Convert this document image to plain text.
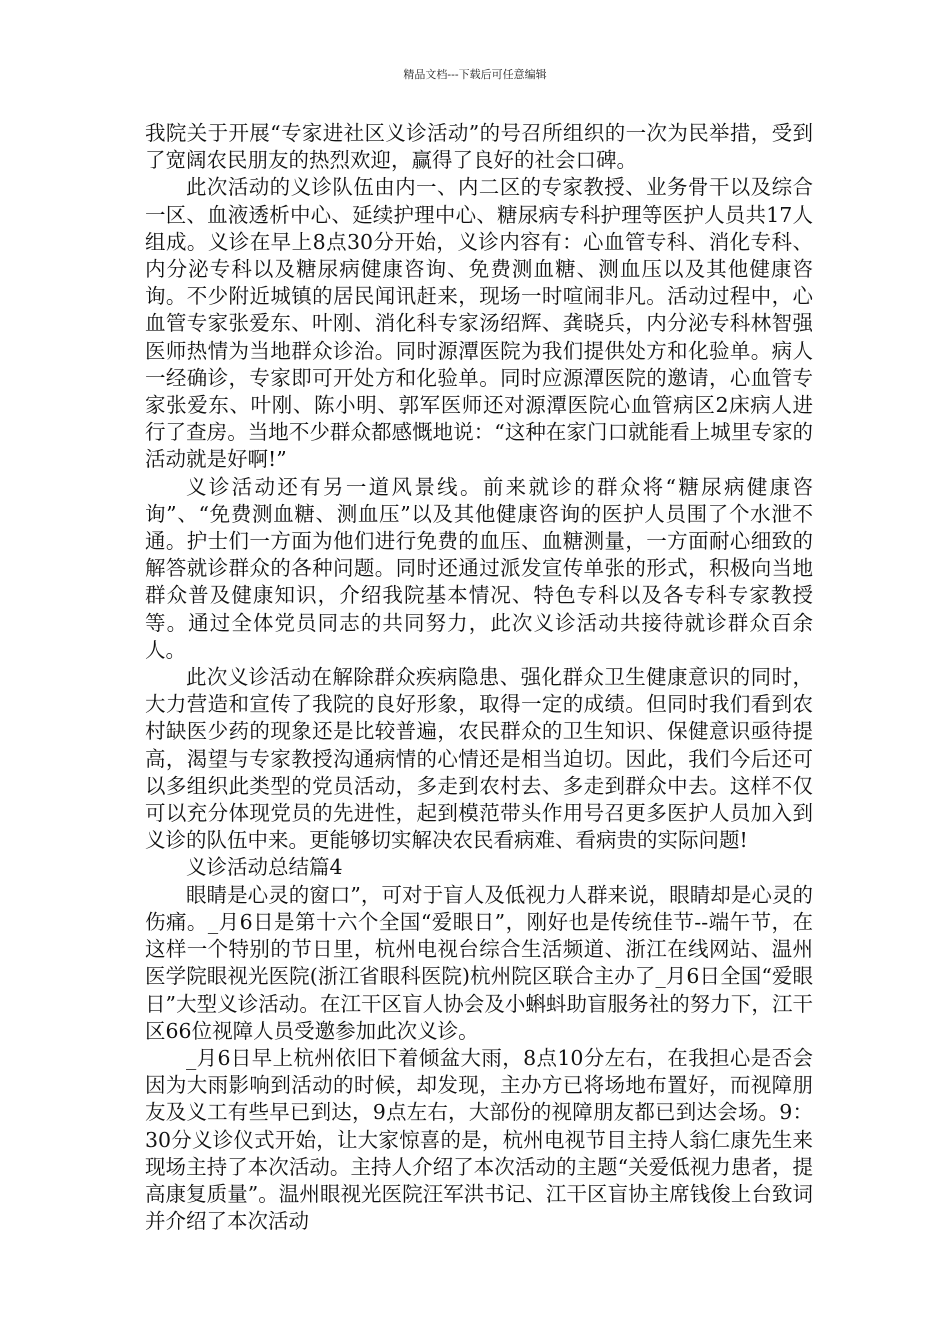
精品文档---下载后可任意编辑

我院关于开展“专家进社区义诊活动”的号召所组织的一次为民举措，受到了宽阔农民朋友的热烈欢迎，赢得了良好的社会口碑。

此次活动的义诊队伍由内一、内二区的专家教授、业务骨干以及综合一区、血液透析中心、延续护理中心、糖尿病专科护理等医护人员共17人组成。义诊在早上8点30分开始，义诊内容有：心血管专科、消化专科、内分泌专科以及糖尿病健康咨询、免费测血糖、测血压以及其他健康咨询。不少附近城镇的居民闻讯赶来，现场一时喧闹非凡。活动过程中，心血管专家张爱东、叶刚、消化科专家汤绍辉、龚晓兵，内分泌专科林智强医师热情为当地群众诊治。同时源潭医院为我们提供处方和化验单。病人一经确诊，专家即可开处方和化验单。同时应源潭医院的邀请，心血管专家张爱东、叶刚、陈小明、郭军医师还对源潭医院心血管病区2床病人进行了查房。当地不少群众都感慨地说：“这种在家门口就能看上城里专家的活动就是好啊!”

义诊活动还有另一道风景线。前来就诊的群众将“糖尿病健康咨询”、“免费测血糖、测血压”以及其他健康咨询的医护人员围了个水泄不通。护士们一方面为他们进行免费的血压、血糖测量，一方面耐心细致的解答就诊群众的各种问题。同时还通过派发宣传单张的形式，积极向当地群众普及健康知识，介绍我院基本情况、特色专科以及各专科专家教授等。通过全体党员同志的共同努力，此次义诊活动共接待就诊群众百余人。

此次义诊活动在解除群众疾病隐患、强化群众卫生健康意识的同时，大力营造和宣传了我院的良好形象，取得一定的成绩。但同时我们看到农村缺医少药的现象还是比较普遍，农民群众的卫生知识、保健意识亟待提高，渴望与专家教授沟通病情的心情还是相当迫切。因此，我们今后还可以多组织此类型的党员活动，多走到农村去、多走到群众中去。这样不仅可以充分体现党员的先进性，起到模范带头作用号召更多医护人员加入到义诊的队伍中来。更能够切实解决农民看病难、看病贵的实际问题!

义诊活动总结篇4

眼睛是心灵的窗口”，可对于盲人及低视力人群来说，眼睛却是心灵的伤痛。_月6日是第十六个全国“爱眼日”，刚好也是传统佳节--端午节，在这样一个特别的节日里，杭州电视台综合生活频道、浙江在线网站、温州医学院眼视光医院(浙江省眼科医院)杭州院区联合主办了_月6日全国“爱眼日”大型义诊活动。在江干区盲人协会及小蝌蚪助盲服务社的努力下，江干区66位视障人员受邀参加此次义诊。

_月6日早上杭州依旧下着倾盆大雨，8点10分左右，在我担心是否会因为大雨影响到活动的时候，却发现，主办方已将场地布置好，而视障朋友及义工有些早已到达，9点左右，大部份的视障朋友都已到达会场。9：30分义诊仪式开始，让大家惊喜的是，杭州电视节目主持人翁仁康先生来现场主持了本次活动。主持人介绍了本次活动的主题“关爱低视力患者，提高康复质量”。温州眼视光医院汪军洪书记、江干区盲协主席钱俊上台致词并介绍了本次活动
